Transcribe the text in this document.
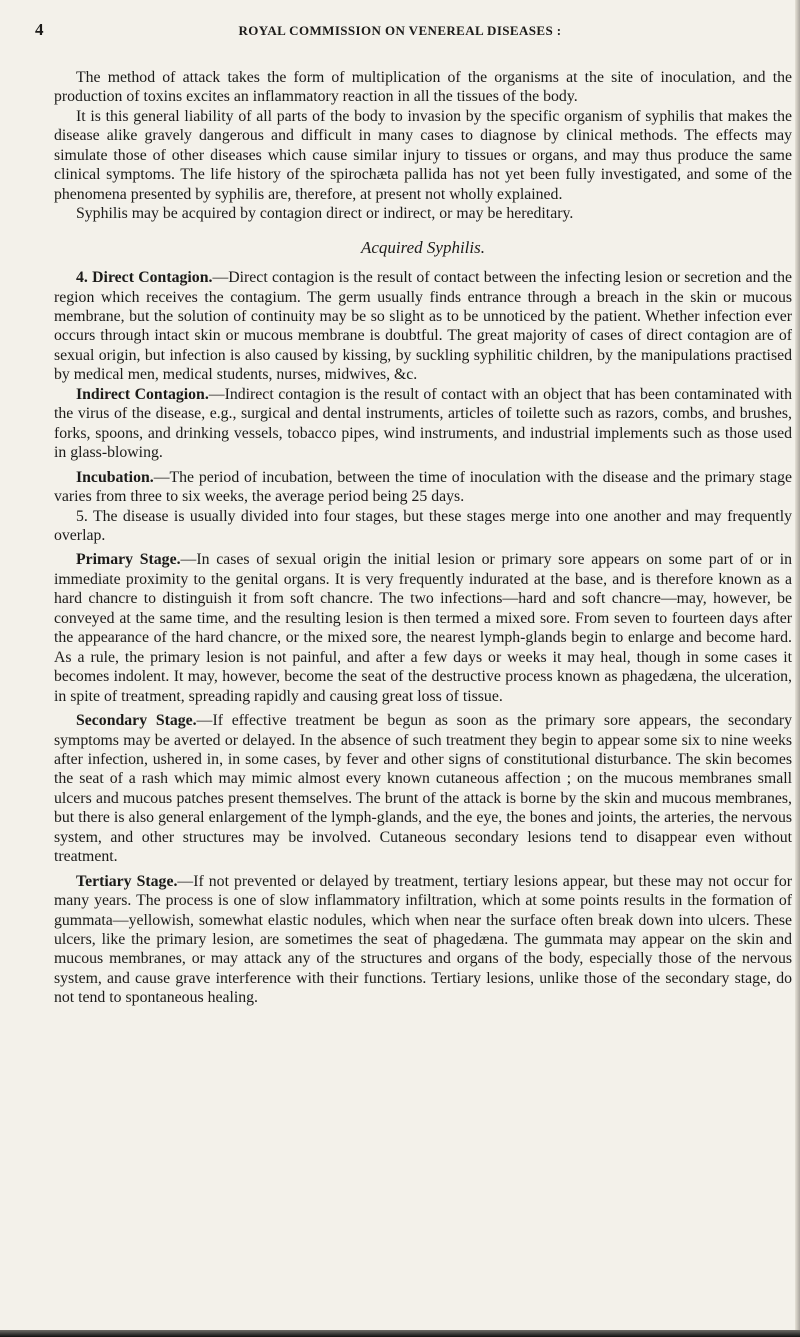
4	ROYAL COMMISSION ON VENEREAL DISEASES :

The method of attack takes the form of multiplication of the organisms at the site of inoculation, and the production of toxins excites an inflammatory reaction in all the tissues of the body.

It is this general liability of all parts of the body to invasion by the specific organism of syphilis that makes the disease alike gravely dangerous and difficult in many cases to diagnose by clinical methods. The effects may simulate those of other diseases which cause similar injury to tissues or organs, and may thus produce the same clinical symptoms. The life history of the spirochæta pallida has not yet been fully investigated, and some of the phenomena presented by syphilis are, therefore, at present not wholly explained.

Syphilis may be acquired by contagion direct or indirect, or may be hereditary.

Acquired Syphilis.

4. Direct Contagion.—Direct contagion is the result of contact between the infecting lesion or secretion and the region which receives the contagium. The germ usually finds entrance through a breach in the skin or mucous membrane, but the solution of continuity may be so slight as to be unnoticed by the patient. Whether infection ever occurs through intact skin or mucous membrane is doubtful. The great majority of cases of direct contagion are of sexual origin, but infection is also caused by kissing, by suckling syphilitic children, by the manipulations practised by medical men, medical students, nurses, midwives, &c.

Indirect Contagion.—Indirect contagion is the result of contact with an object that has been contaminated with the virus of the disease, e.g., surgical and dental instruments, articles of toilette such as razors, combs, and brushes, forks, spoons, and drinking vessels, tobacco pipes, wind instruments, and industrial implements such as those used in glass-blowing.

Incubation.—The period of incubation, between the time of inoculation with the disease and the primary stage varies from three to six weeks, the average period being 25 days.

5. The disease is usually divided into four stages, but these stages merge into one another and may frequently overlap.

Primary Stage.—In cases of sexual origin the initial lesion or primary sore appears on some part of or in immediate proximity to the genital organs. It is very frequently indurated at the base, and is therefore known as a hard chancre to distinguish it from soft chancre. The two infections—hard and soft chancre—may, however, be conveyed at the same time, and the resulting lesion is then termed a mixed sore. From seven to fourteen days after the appearance of the hard chancre, or the mixed sore, the nearest lymph-glands begin to enlarge and become hard. As a rule, the primary lesion is not painful, and after a few days or weeks it may heal, though in some cases it becomes indolent. It may, however, become the seat of the destructive process known as phagedæna, the ulceration, in spite of treatment, spreading rapidly and causing great loss of tissue.

Secondary Stage.—If effective treatment be begun as soon as the primary sore appears, the secondary symptoms may be averted or delayed. In the absence of such treatment they begin to appear some six to nine weeks after infection, ushered in, in some cases, by fever and other signs of constitutional disturbance. The skin becomes the seat of a rash which may mimic almost every known cutaneous affection ; on the mucous membranes small ulcers and mucous patches present themselves. The brunt of the attack is borne by the skin and mucous membranes, but there is also general enlargement of the lymph-glands, and the eye, the bones and joints, the arteries, the nervous system, and other structures may be involved. Cutaneous secondary lesions tend to disappear even without treatment.

Tertiary Stage.—If not prevented or delayed by treatment, tertiary lesions appear, but these may not occur for many years. The process is one of slow inflammatory infiltration, which at some points results in the formation of gummata—yellowish, somewhat elastic nodules, which when near the surface often break down into ulcers. These ulcers, like the primary lesion, are sometimes the seat of phagedæna. The gummata may appear on the skin and mucous membranes, or may attack any of the structures and organs of the body, especially those of the nervous system, and cause grave interference with their functions. Tertiary lesions, unlike those of the secondary stage, do not tend to spontaneous healing.
